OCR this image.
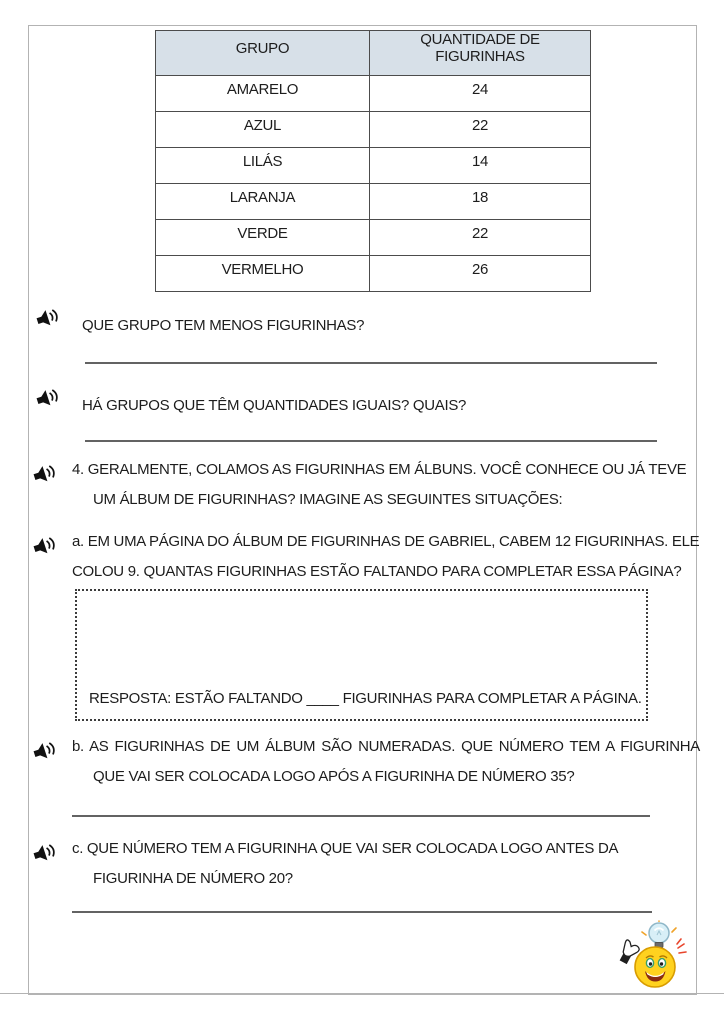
GRUPO	QUANTIDADE DE FIGURINHAS
AMARELO	24
AZUL	22
LILÁS	14
LARANJA	18
VERDE	22
VERMELHO	26

QUE GRUPO TEM MENOS FIGURINHAS?

HÁ GRUPOS QUE TÊM QUANTIDADES IGUAIS? QUAIS?

4. GERALMENTE, COLAMOS AS FIGURINHAS EM ÁLBUNS. VOCÊ CONHECE OU JÁ TEVE UM ÁLBUM DE FIGURINHAS? IMAGINE AS SEGUINTES SITUAÇÕES:

a. EM UMA PÁGINA DO ÁLBUM DE FIGURINHAS DE GABRIEL, CABEM 12 FIGURINHAS. ELE COLOU 9. QUANTAS FIGURINHAS ESTÃO FALTANDO PARA COMPLETAR ESSA PÁGINA?

RESPOSTA: ESTÃO FALTANDO ____ FIGURINHAS PARA COMPLETAR A PÁGINA.

b. AS FIGURINHAS DE UM ÁLBUM SÃO NUMERADAS. QUE NÚMERO TEM A FIGURINHA QUE VAI SER COLOCADA LOGO APÓS A FIGURINHA DE NÚMERO 35?

c. QUE NÚMERO TEM A FIGURINHA QUE VAI SER COLOCADA LOGO ANTES DA FIGURINHA DE NÚMERO 20?
